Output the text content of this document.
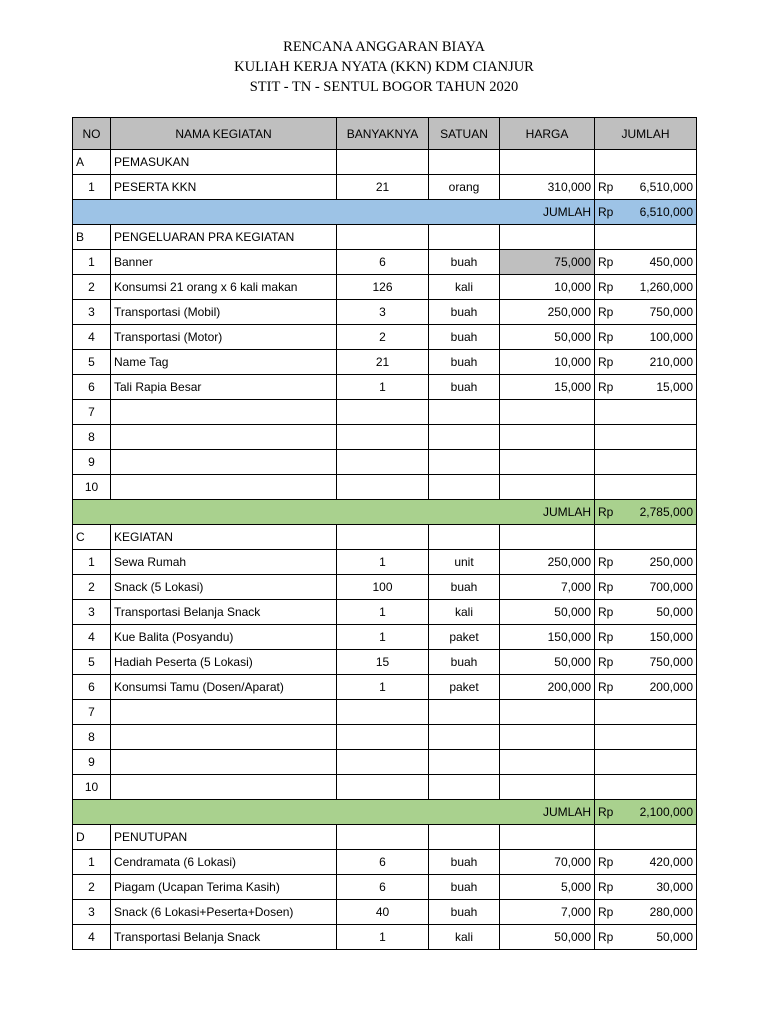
RENCANA ANGGARAN BIAYA
KULIAH KERJA NYATA (KKN) KDM CIANJUR
STIT - TN - SENTUL BOGOR TAHUN 2020
NO	NAMA KEGIATAN	BANYAKNYA	SATUAN	HARGA	JUMLAH	
A	PEMASUKAN					
1	PESERTA KKN	21	orang	310,000	Rp	6,510,000
JUMLAH					Rp	6,510,000
B	PENGELUARAN PRA KEGIATAN					
1	Banner	6	buah	75,000	Rp	450,000
2	Konsumsi 21 orang x 6 kali makan	126	kali	10,000	Rp	1,260,000
3	Transportasi (Mobil)	3	buah	250,000	Rp	750,000
4	Transportasi (Motor)	2	buah	50,000	Rp	100,000
5	Name Tag	21	buah	10,000	Rp	210,000
6	Tali Rapia Besar	1	buah	15,000	Rp	15,000
7						
8						
9						
10						
JUMLAH					Rp	2,785,000
C	KEGIATAN					
1	Sewa Rumah	1	unit	250,000	Rp	250,000
2	Snack (5 Lokasi)	100	buah	7,000	Rp	700,000
3	Transportasi Belanja Snack	1	kali	50,000	Rp	50,000
4	Kue Balita (Posyandu)	1	paket	150,000	Rp	150,000
5	Hadiah Peserta (5 Lokasi)	15	buah	50,000	Rp	750,000
6	Konsumsi Tamu (Dosen/Aparat)	1	paket	200,000	Rp	200,000
7						
8						
9						
10						
JUMLAH					Rp	2,100,000
D	PENUTUPAN					
1	Cendramata (6 Lokasi)	6	buah	70,000	Rp	420,000
2	Piagam (Ucapan Terima Kasih)	6	buah	5,000	Rp	30,000
3	Snack (6 Lokasi+Peserta+Dosen)	40	buah	7,000	Rp	280,000
4	Transportasi Belanja Snack	1	kali	50,000	Rp	50,000
